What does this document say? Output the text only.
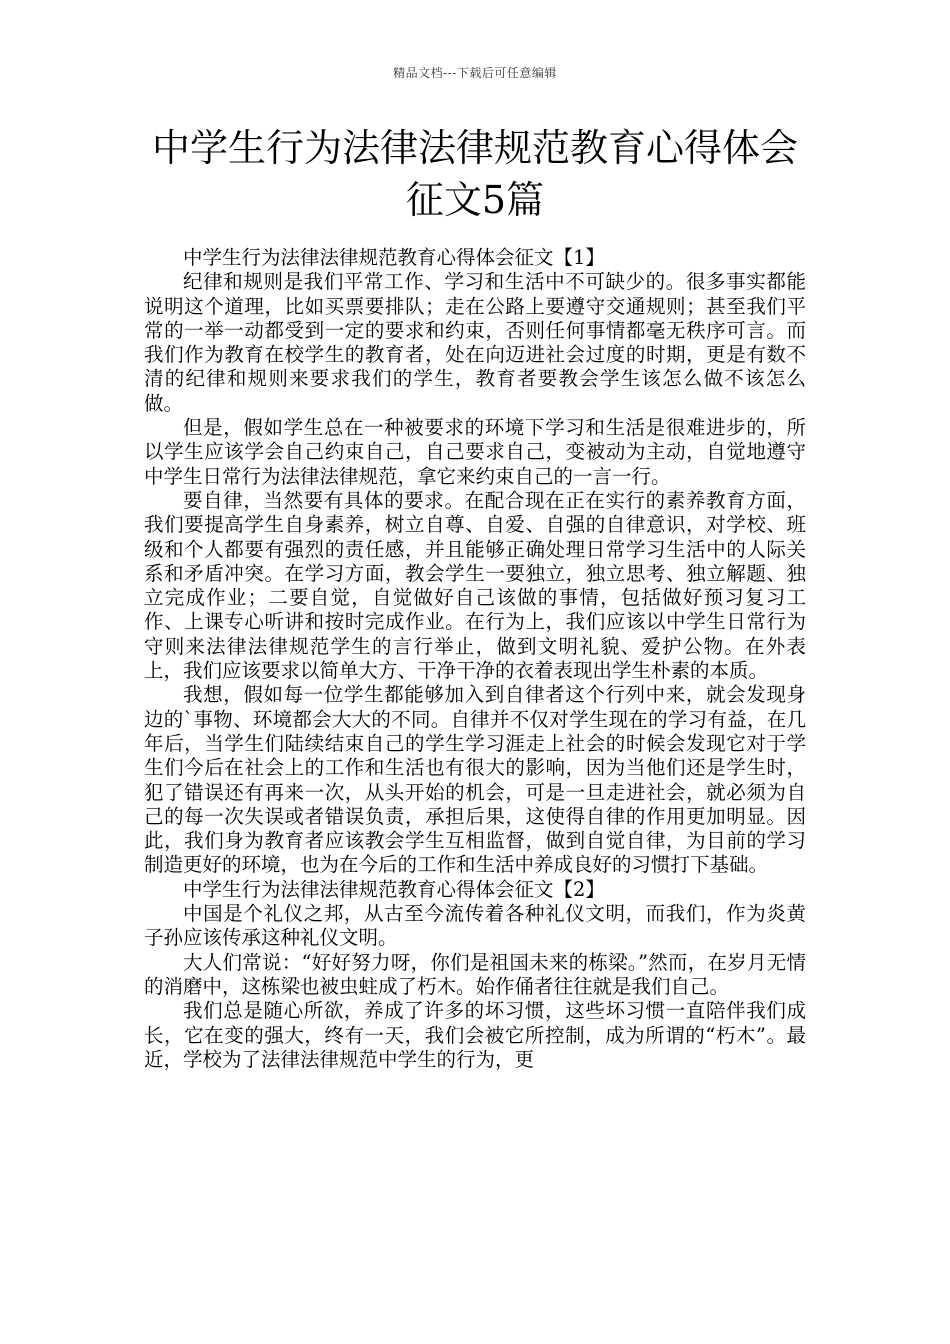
精品文档---下载后可任意编辑
中学生行为法律法律规范教育心得体会征文5篇

中学生行为法律法律规范教育心得体会征文【1】

纪律和规则是我们平常工作、学习和生活中不可缺少的。很多事实都能说明这个道理，比如买票要排队；走在公路上要遵守交通规则；甚至我们平常的一举一动都受到一定的要求和约束，否则任何事情都毫无秩序可言。而我们作为教育在校学生的教育者，处在向迈进社会过度的时期，更是有数不清的纪律和规则来要求我们的学生，教育者要教会学生该怎么做不该怎么做。

但是，假如学生总在一种被要求的环境下学习和生活是很难进步的，所以学生应该学会自己约束自己，自己要求自己，变被动为主动，自觉地遵守中学生日常行为法律法律规范，拿它来约束自己的一言一行。

要自律，当然要有具体的要求。在配合现在正在实行的素养教育方面，我们要提高学生自身素养，树立自尊、自爱、自强的自律意识，对学校、班级和个人都要有强烈的责任感，并且能够正确处理日常学习生活中的人际关系和矛盾冲突。在学习方面，教会学生一要独立，独立思考、独立解题、独立完成作业；二要自觉，自觉做好自己该做的事情，包括做好预习复习工作、上课专心听讲和按时完成作业。在行为上，我们应该以中学生日常行为守则来法律法律规范学生的言行举止，做到文明礼貌、爱护公物。在外表上，我们应该要求以简单大方、干净干净的衣着表现出学生朴素的本质。

我想，假如每一位学生都能够加入到自律者这个行列中来，就会发现身边的`事物、环境都会大大的不同。自律并不仅对学生现在的学习有益，在几年后，当学生们陆续结束自己的学生学习涯走上社会的时候会发现它对于学生们今后在社会上的工作和生活也有很大的影响，因为当他们还是学生时，犯了错误还有再来一次，从头开始的机会，可是一旦走进社会，就必须为自己的每一次失误或者错误负责，承担后果，这使得自律的作用更加明显。因此，我们身为教育者应该教会学生互相监督，做到自觉自律，为目前的学习制造更好的环境，也为在今后的工作和生活中养成良好的习惯打下基础。

中学生行为法律法律规范教育心得体会征文【2】

中国是个礼仪之邦，从古至今流传着各种礼仪文明，而我们，作为炎黄子孙应该传承这种礼仪文明。

大人们常说：“好好努力呀，你们是祖国未来的栋梁。”然而，在岁月无情的消磨中，这栋梁也被虫蛀成了朽木。始作俑者往往就是我们自己。

我们总是随心所欲，养成了许多的坏习惯，这些坏习惯一直陪伴我们成长，它在变的强大，终有一天，我们会被它所控制，成为所谓的“朽木”。最近，学校为了法律法律规范中学生的行为，更
